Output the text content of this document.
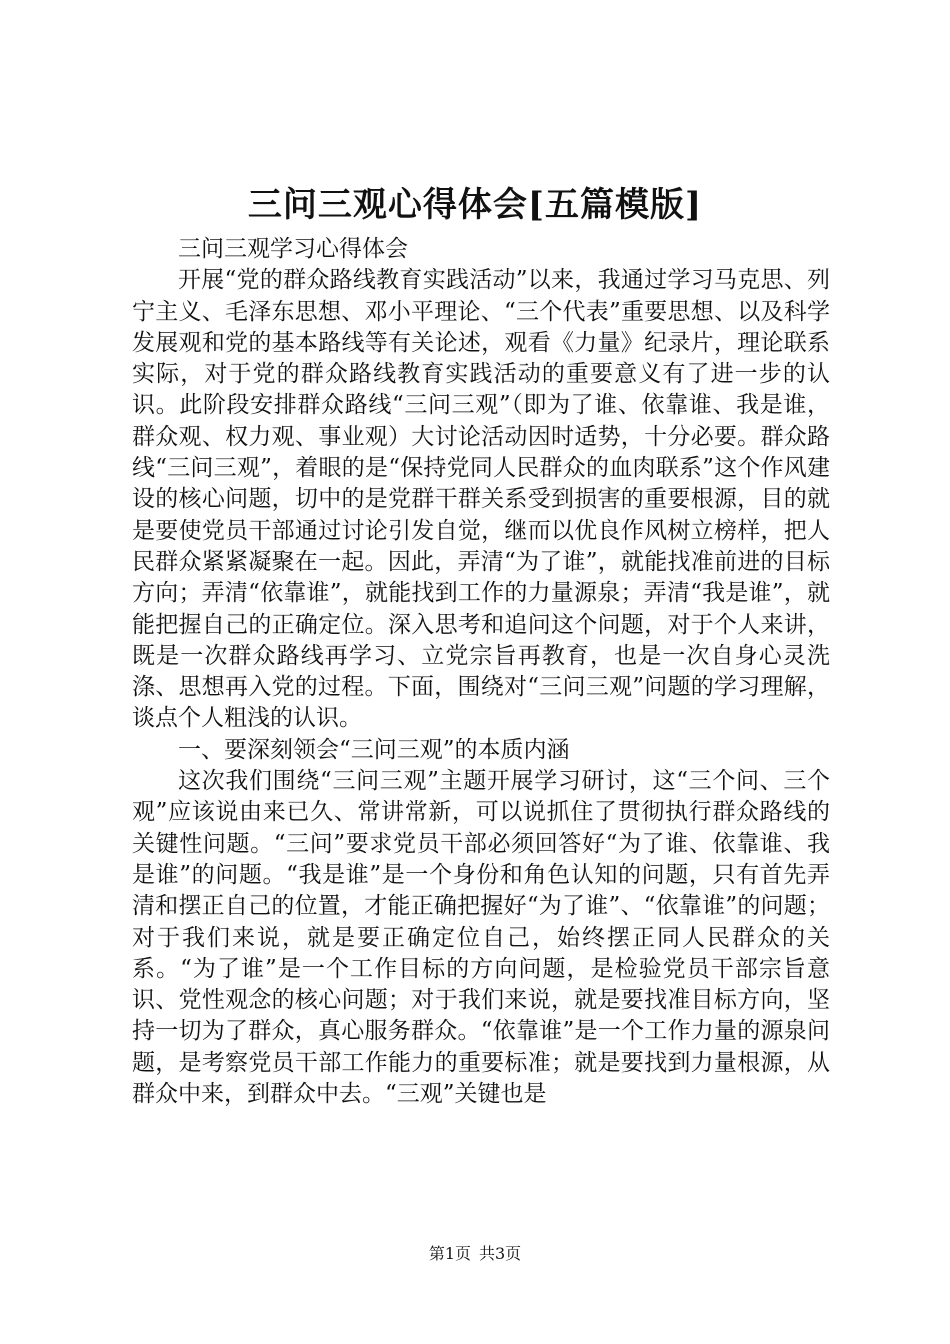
三问三观心得体会[五篇模版]

三问三观学习心得体会

开展“党的群众路线教育实践活动”以来，我通过学习马克思、列宁主义、毛泽东思想、邓小平理论、“三个代表”重要思想、以及科学发展观和党的基本路线等有关论述，观看《力量》纪录片，理论联系实际，对于党的群众路线教育实践活动的重要意义有了进一步的认识。此阶段安排群众路线“三问三观”（即为了谁、依靠谁、我是谁，群众观、权力观、事业观）大讨论活动因时适势，十分必要。群众路线“三问三观”，着眼的是“保持党同人民群众的血肉联系”这个作风建设的核心问题，切中的是党群干群关系受到损害的重要根源，目的就是要使党员干部通过讨论引发自觉，继而以优良作风树立榜样，把人民群众紧紧凝聚在一起。因此，弄清“为了谁”，就能找准前进的目标方向；弄清“依靠谁”，就能找到工作的力量源泉；弄清“我是谁”，就能把握自己的正确定位。深入思考和追问这个问题，对于个人来讲，既是一次群众路线再学习、立党宗旨再教育，也是一次自身心灵洗涤、思想再入党的过程。下面，围绕对“三问三观”问题的学习理解，谈点个人粗浅的认识。

一、要深刻领会“三问三观”的本质内涵

这次我们围绕“三问三观”主题开展学习研讨，这“三个问、三个观”应该说由来已久、常讲常新，可以说抓住了贯彻执行群众路线的关键性问题。“三问”要求党员干部必须回答好“为了谁、依靠谁、我是谁”的问题。“我是谁”是一个身份和角色认知的问题，只有首先弄清和摆正自己的位置，才能正确把握好“为了谁”、“依靠谁”的问题；对于我们来说，就是要正确定位自己，始终摆正同人民群众的关系。“为了谁”是一个工作目标的方向问题，是检验党员干部宗旨意识、党性观念的核心问题；对于我们来说，就是要找准目标方向，坚持一切为了群众，真心服务群众。“依靠谁”是一个工作力量的源泉问题，是考察党员干部工作能力的重要标准；就是要找到力量根源，从群众中来，到群众中去。“三观”关键也是

第1页 共3页
